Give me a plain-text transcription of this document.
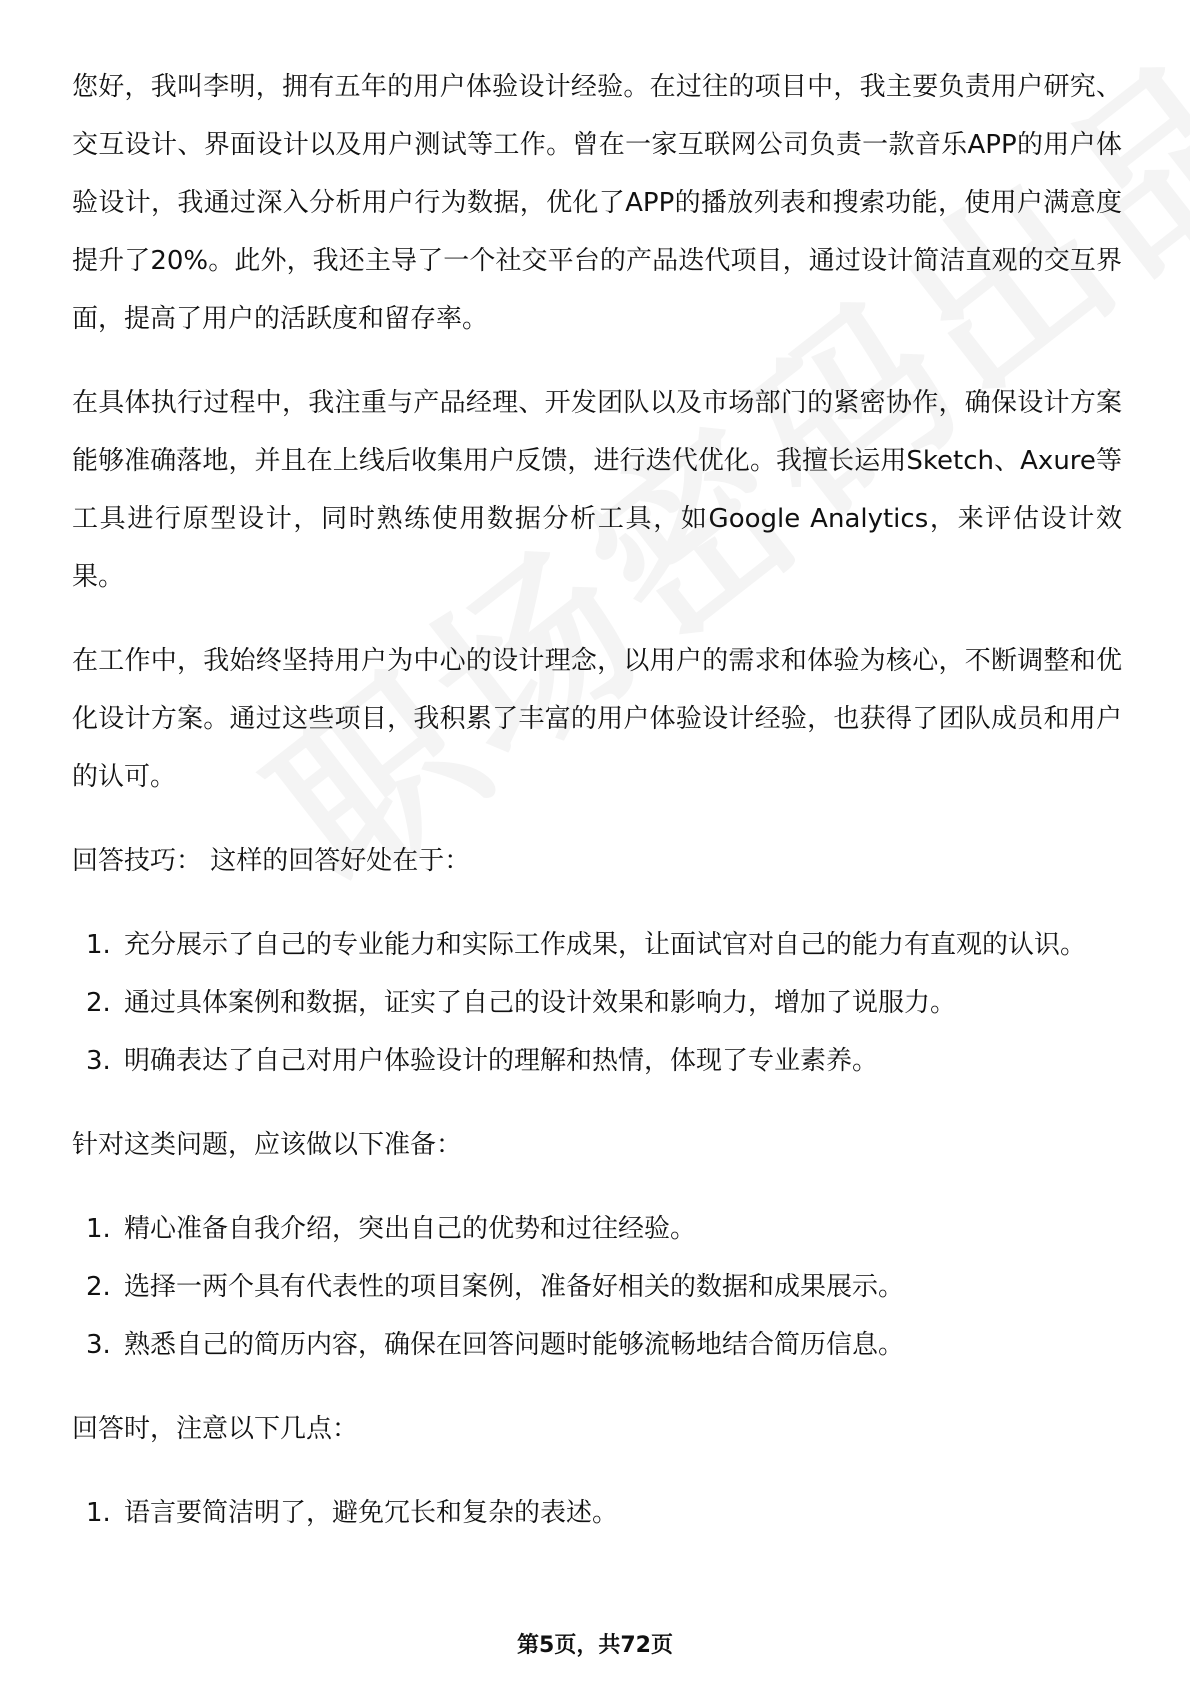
您好，我叫李明，拥有五年的用户体验设计经验。在过往的项目中，我主要负责用户研究、交互设计、界面设计以及用户测试等工作。曾在一家互联网公司负责一款音乐APP的用户体验设计，我通过深入分析用户行为数据，优化了APP的播放列表和搜索功能，使用户满意度提升了20%。此外，我还主导了一个社交平台的产品迭代项目，通过设计简洁直观的交互界面，提高了用户的活跃度和留存率。

在具体执行过程中，我注重与产品经理、开发团队以及市场部门的紧密协作，确保设计方案能够准确落地，并且在上线后收集用户反馈，进行迭代优化。我擅长运用Sketch、Axure等工具进行原型设计，同时熟练使用数据分析工具，如Google Analytics，来评估设计效果。

在工作中，我始终坚持用户为中心的设计理念，以用户的需求和体验为核心，不断调整和优化设计方案。通过这些项目，我积累了丰富的用户体验设计经验，也获得了团队成员和用户的认可。

回答技巧： 这样的回答好处在于：
1. 充分展示了自己的专业能力和实际工作成果，让面试官对自己的能力有直观的认识。
2. 通过具体案例和数据，证实了自己的设计效果和影响力，增加了说服力。
3. 明确表达了自己对用户体验设计的理解和热情，体现了专业素养。
针对这类问题，应该做以下准备：
1. 精心准备自我介绍，突出自己的优势和过往经验。
2. 选择一两个具有代表性的项目案例，准备好相关的数据和成果展示。
3. 熟悉自己的简历内容，确保在回答问题时能够流畅地结合简历信息。
回答时，注意以下几点：
1. 语言要简洁明了，避免冗长和复杂的表述。
第5页，共72页
